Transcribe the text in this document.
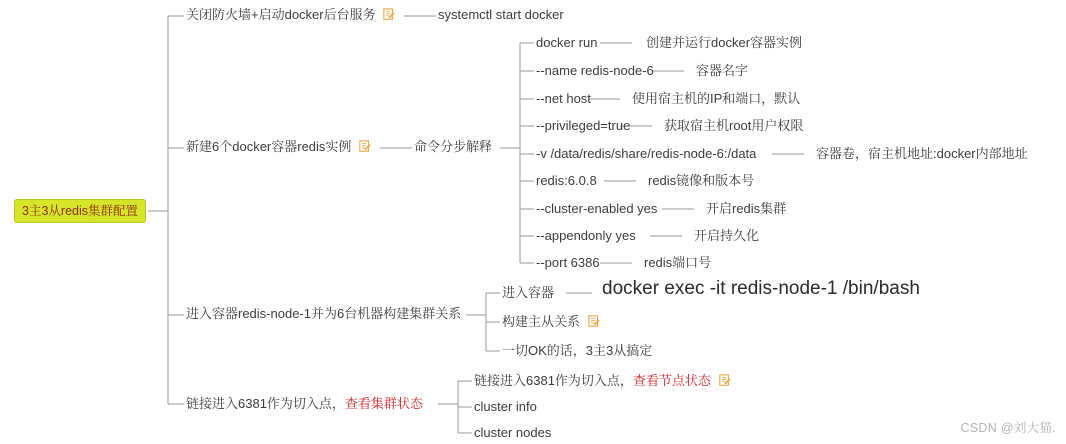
3主3从redis集群配置
关闭防火墙+启动docker后台服务	systemctl start docker
新建6个docker容器redis实例	命令分步解释
docker run	创建并运行docker容器实例
--name redis-node-6	容器名字
--net host	使用宿主机的IP和端口，默认
--privileged=true	获取宿主机root用户权限
-v /data/redis/share/redis-node-6:/data	容器卷，宿主机地址:docker内部地址
redis:6.0.8	redis镜像和版本号
--cluster-enabled yes	开启redis集群
--appendonly yes	开启持久化
--port 6386	redis端口号
进入容器redis-node-1并为6台机器构建集群关系
进入容器	docker exec -it redis-node-1 /bin/bash
构建主从关系
一切OK的话，3主3从搞定
链接进入6381作为切入点，查看集群状态
链接进入6381作为切入点，查看节点状态
cluster info
cluster nodes	CSDN @刘大猫.
